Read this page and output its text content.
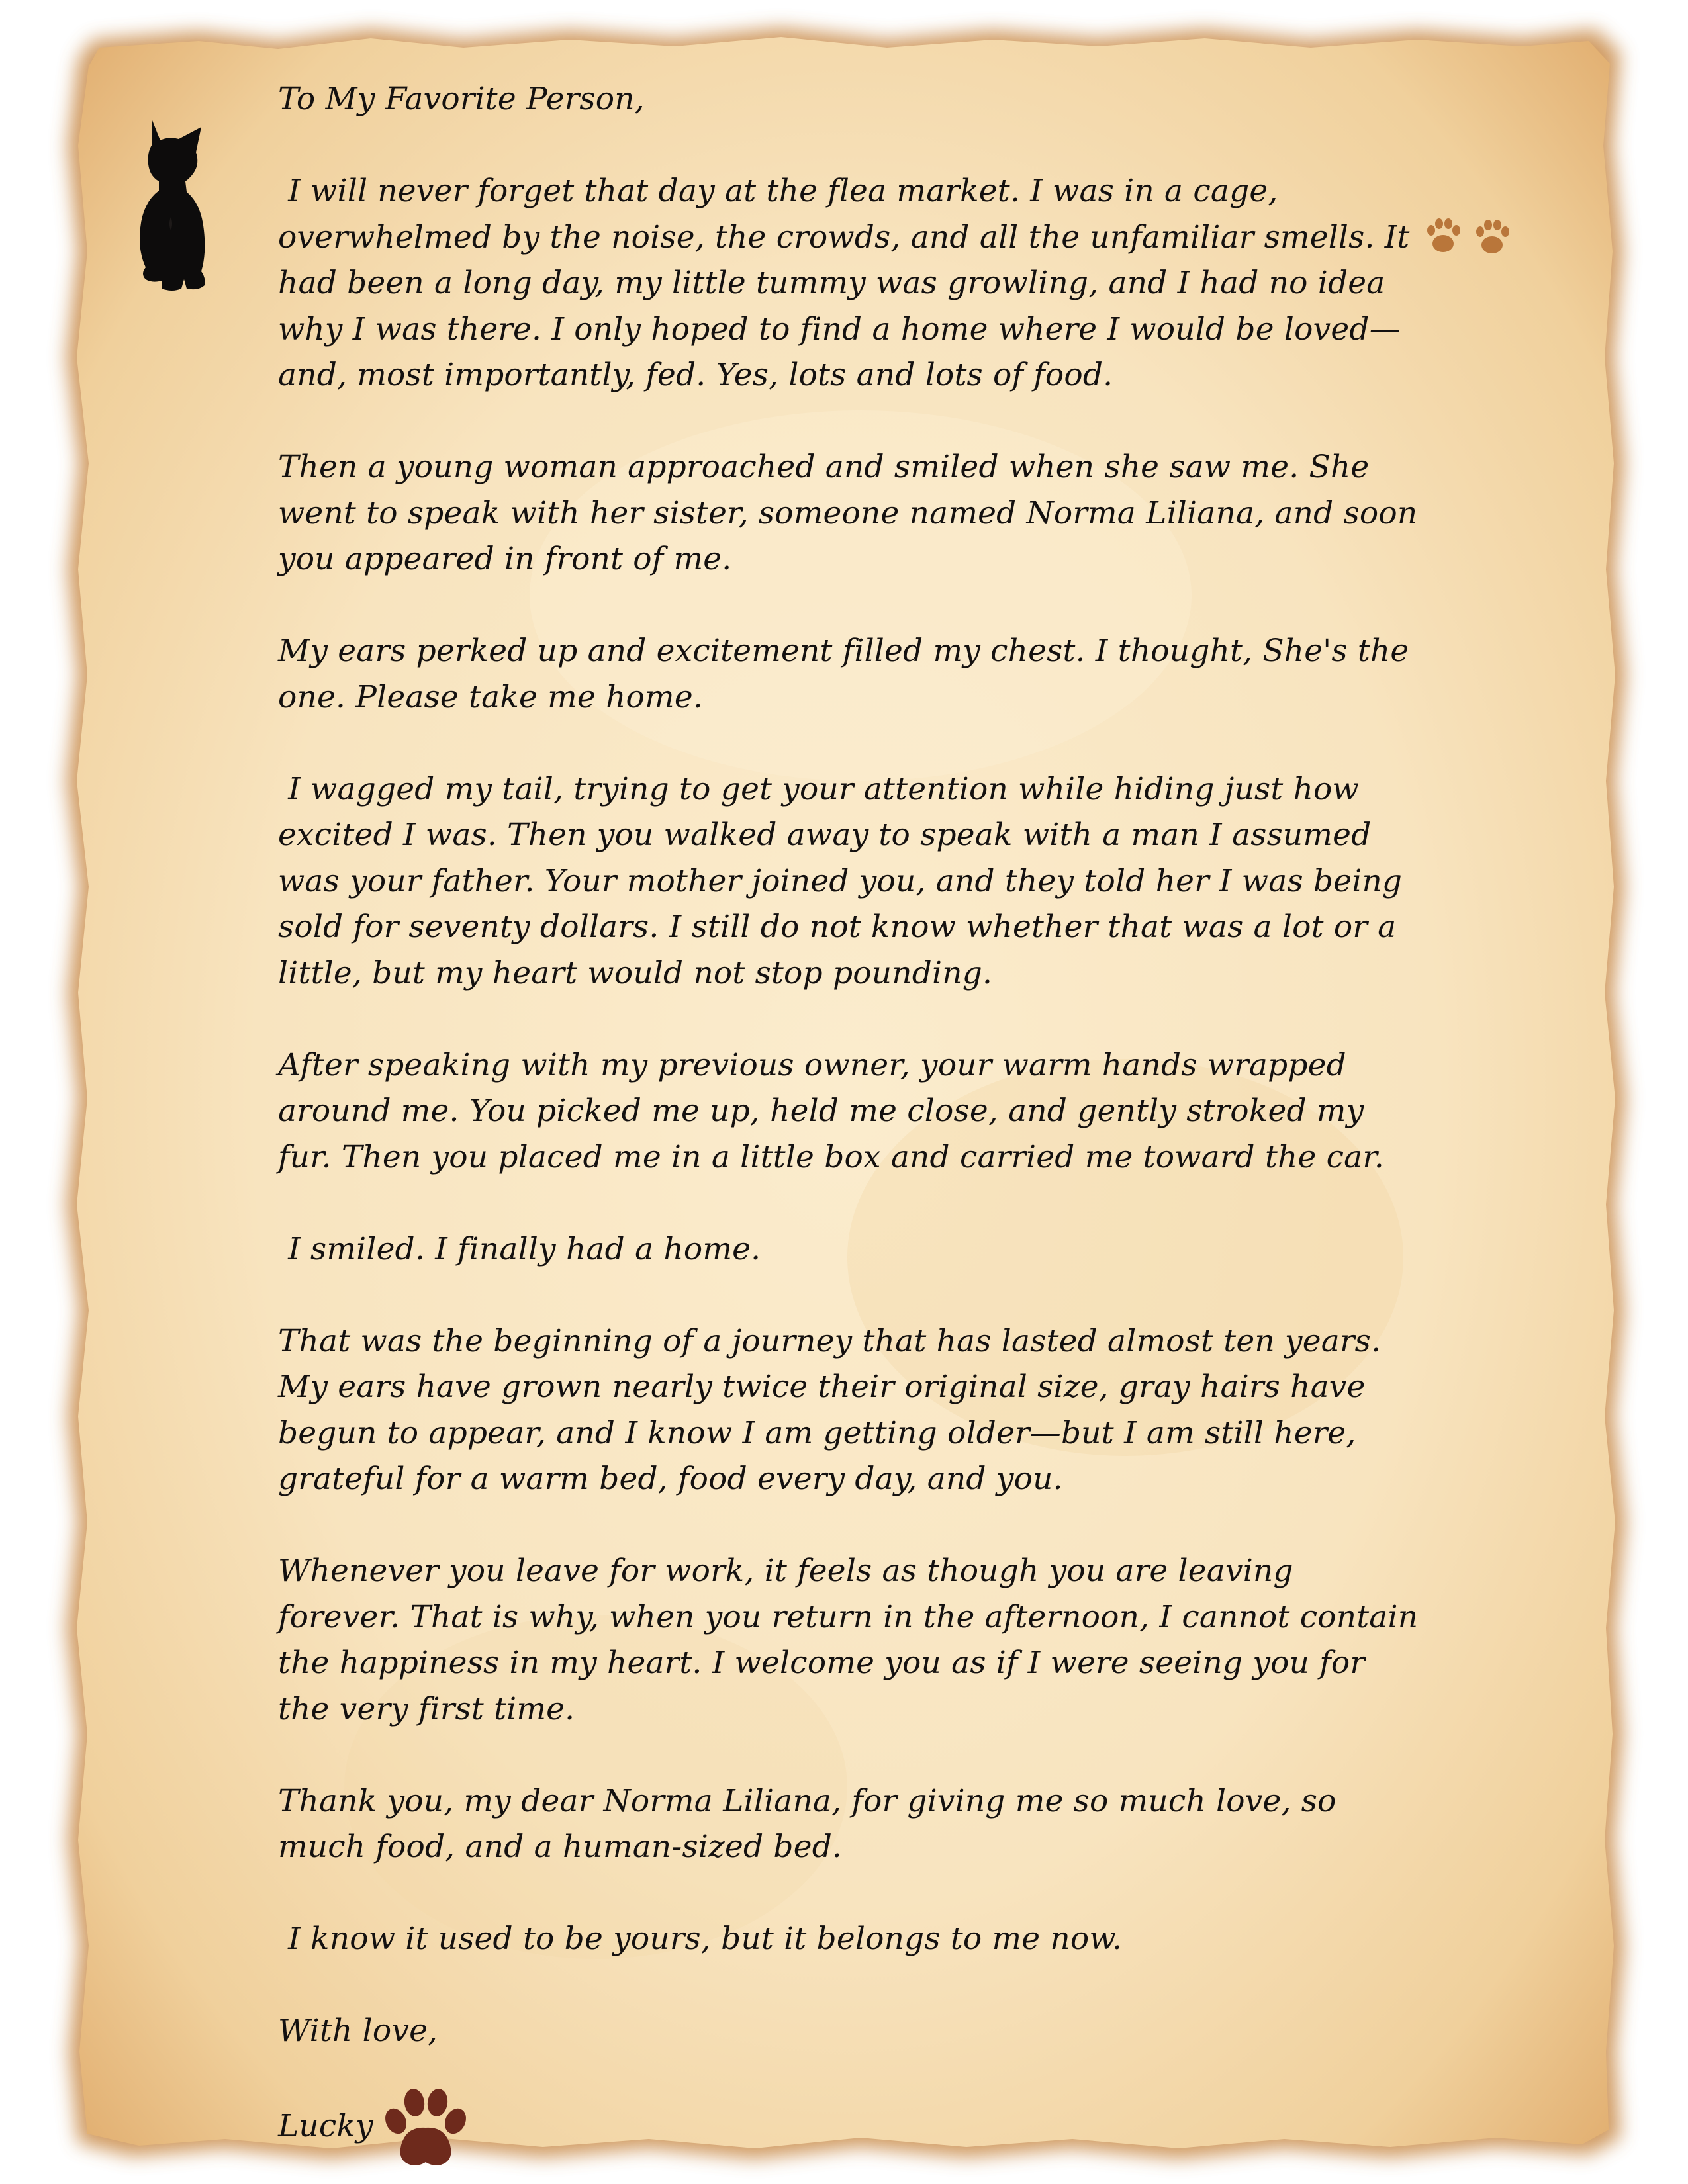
To My Favorite Person,

I will never forget that day at the flea market. I was in a cage, overwhelmed by the noise, the crowds, and all the unfamiliar smells. It had been a long day, my little tummy was growling, and I had no idea why I was there. I only hoped to find a home where I would be loved—and, most importantly, fed. Yes, lots and lots of food.

Then a young woman approached and smiled when she saw me. She went to speak with her sister, someone named Norma Liliana, and soon you appeared in front of me.

My ears perked up and excitement filled my chest. I thought, She's the one. Please take me home.

I wagged my tail, trying to get your attention while hiding just how excited I was. Then you walked away to speak with a man I assumed was your father. Your mother joined you, and they told her I was being sold for seventy dollars. I still do not know whether that was a lot or a little, but my heart would not stop pounding.

After speaking with my previous owner, your warm hands wrapped around me. You picked me up, held me close, and gently stroked my fur. Then you placed me in a little box and carried me toward the car.

I smiled. I finally had a home.

That was the beginning of a journey that has lasted almost ten years. My ears have grown nearly twice their original size, gray hairs have begun to appear, and I know I am getting older—but I am still here, grateful for a warm bed, food every day, and you.

Whenever you leave for work, it feels as though you are leaving forever. That is why, when you return in the afternoon, I cannot contain the happiness in my heart. I welcome you as if I were seeing you for the very first time.

Thank you, my dear Norma Liliana, for giving me so much love, so much food, and a human-sized bed.

I know it used to be yours, but it belongs to me now.

With love,

Lucky
